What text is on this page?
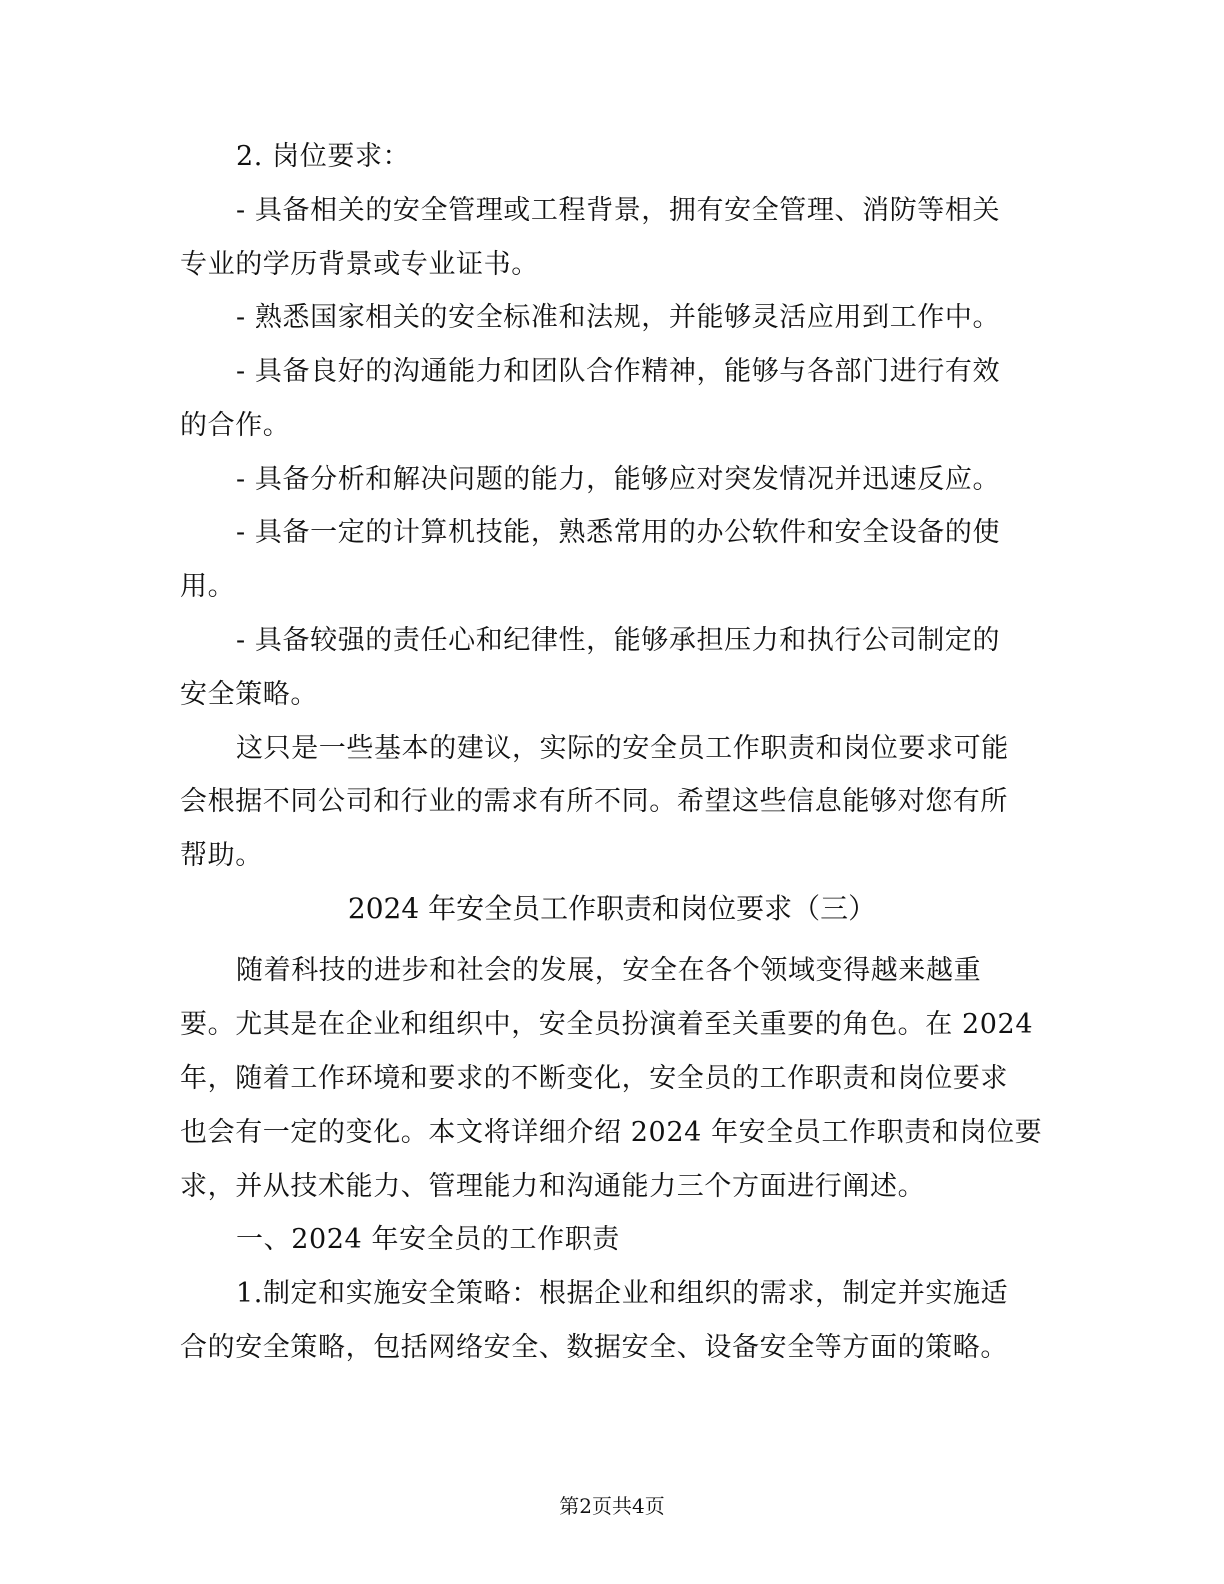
2. 岗位要求：
- 具备相关的安全管理或工程背景，拥有安全管理、消防等相关
专业的学历背景或专业证书。
- 熟悉国家相关的安全标准和法规，并能够灵活应用到工作中。
- 具备良好的沟通能力和团队合作精神，能够与各部门进行有效
的合作。
- 具备分析和解决问题的能力，能够应对突发情况并迅速反应。
- 具备一定的计算机技能，熟悉常用的办公软件和安全设备的使
用。
- 具备较强的责任心和纪律性，能够承担压力和执行公司制定的
安全策略。
这只是一些基本的建议，实际的安全员工作职责和岗位要求可能
会根据不同公司和行业的需求有所不同。希望这些信息能够对您有所
帮助。
2024 年安全员工作职责和岗位要求（三）
随着科技的进步和社会的发展，安全在各个领域变得越来越重
要。尤其是在企业和组织中，安全员扮演着至关重要的角色。在 2024
年，随着工作环境和要求的不断变化，安全员的工作职责和岗位要求
也会有一定的变化。本文将详细介绍 2024 年安全员工作职责和岗位要
求，并从技术能力、管理能力和沟通能力三个方面进行阐述。
一、2024 年安全员的工作职责
1.制定和实施安全策略：根据企业和组织的需求，制定并实施适
合的安全策略，包括网络安全、数据安全、设备安全等方面的策略。
第2页共4页
